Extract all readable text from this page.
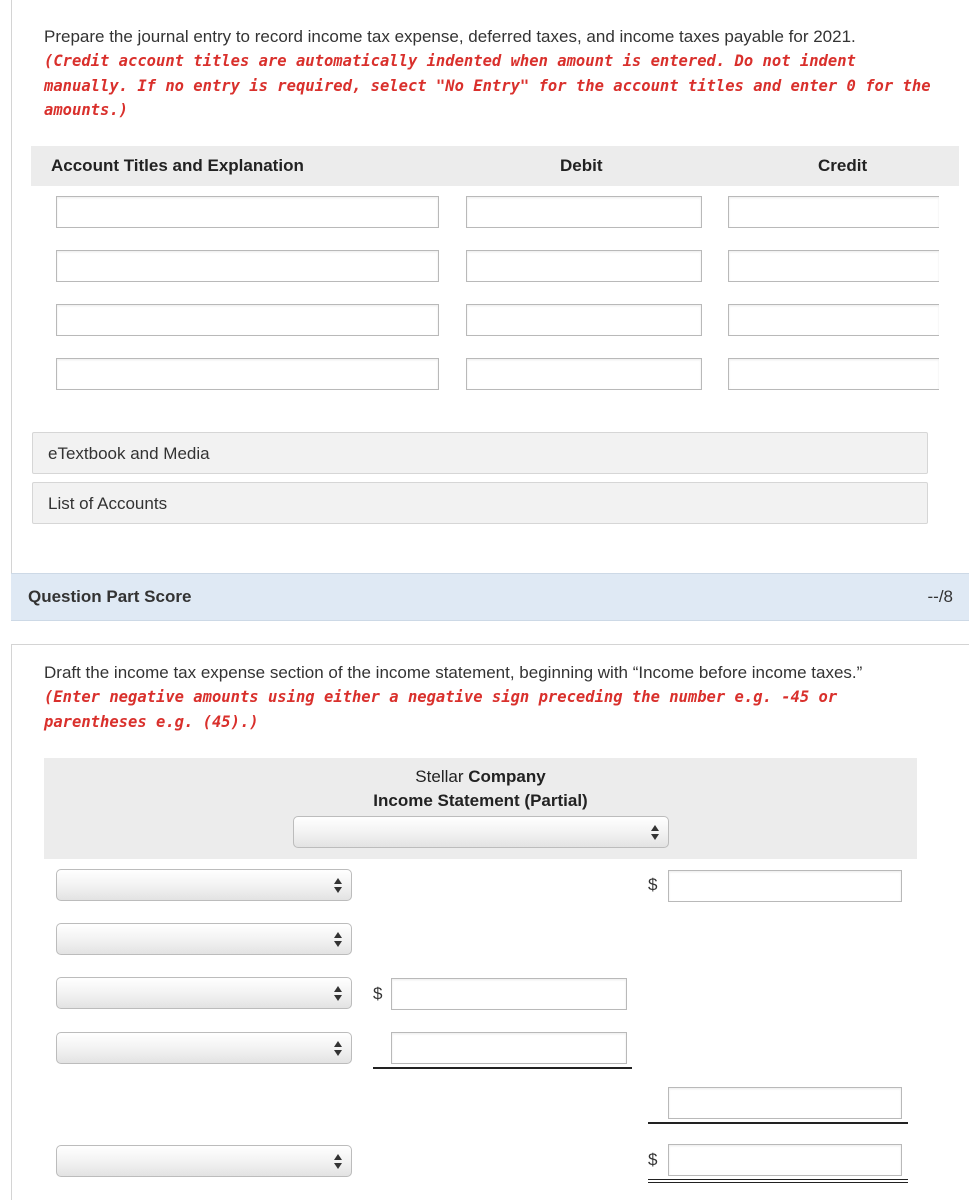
Prepare the journal entry to record income tax expense, deferred taxes, and income taxes payable for 2021.
(Credit account titles are automatically indented when amount is entered. Do not indent
manually. If no entry is required, select "No Entry" for the account titles and enter 0 for the
amounts.)
Account Titles and Explanation	Debit	Credit
eTextbook and Media
List of Accounts
Question Part Score	--/8
Draft the income tax expense section of the income statement, beginning with “Income before income taxes.”
(Enter negative amounts using either a negative sign preceding the number e.g. -45 or
parentheses e.g. (45).)
Stellar Company
Income Statement (Partial)
$
$
$
